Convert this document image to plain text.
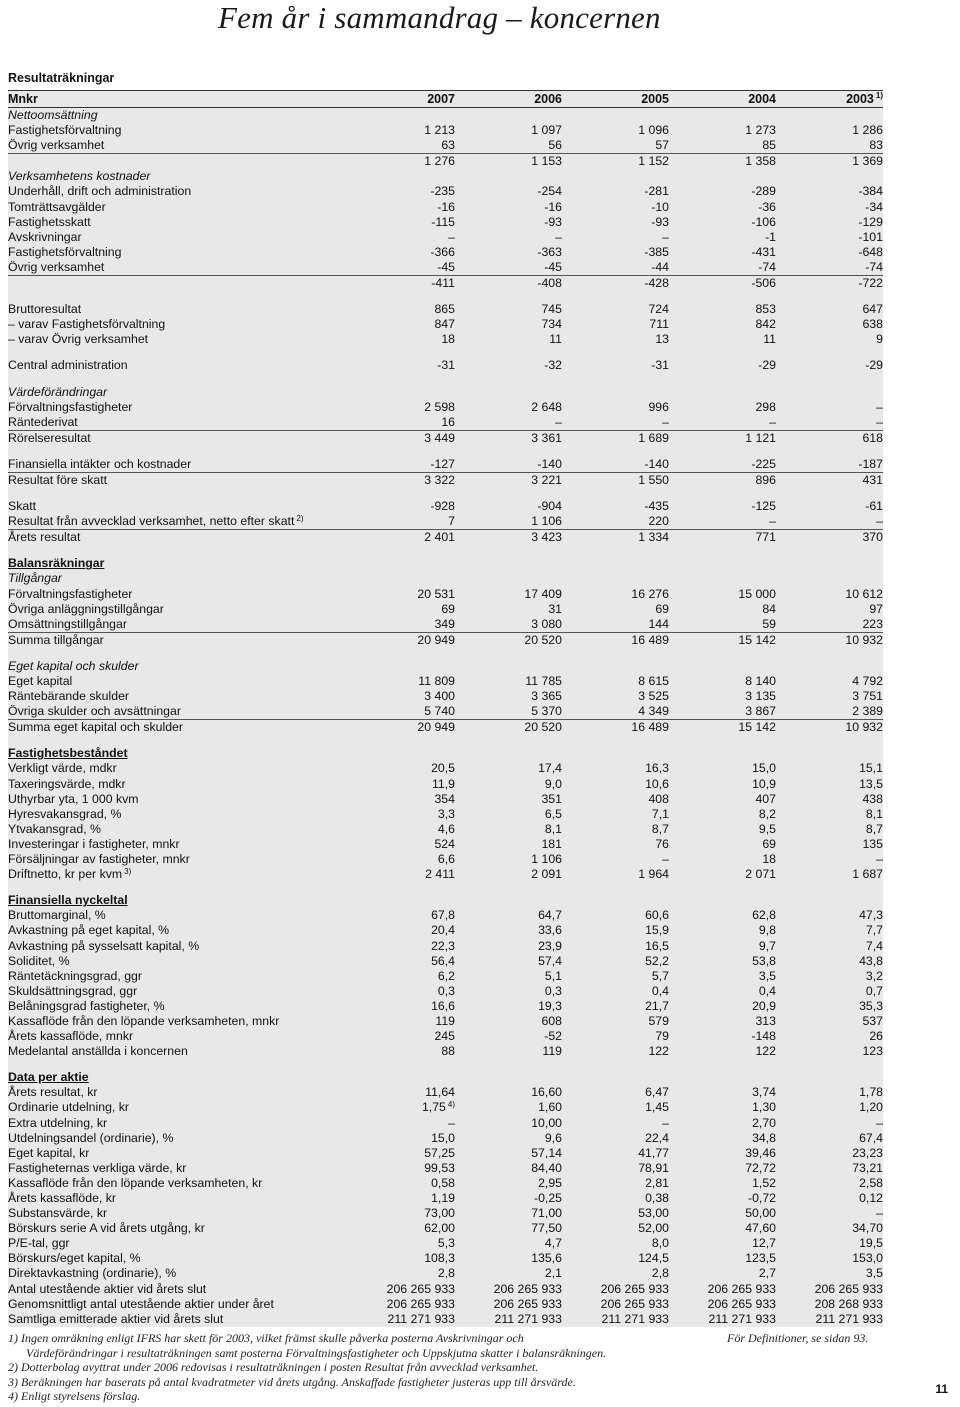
Fem år i sammandrag – koncernen
Resultaträkningar
Mnkr	2007	2006	2005	2004	2003 $^{1)}$
Nettoomsättning
Fastighetsförvaltning	1 213	1 097	1 096	1 273	1 286
Övrig verksamhet	63	56	57	85	83
1 276	1 153	1 152	1 358	1 369
Verksamhetens kostnader
Underhåll, drift och administration	-235	-254	-281	-289	-384
Tomträttsavgälder	-16	-16	-10	-36	-34
Fastighetsskatt	-115	-93	-93	-106	-129
Avskrivningar	–	–	–	-1	-101
Fastighetsförvaltning	-366	-363	-385	-431	-648
Övrig verksamhet	-45	-45	-44	-74	-74
-411	-408	-428	-506	-722
Bruttoresultat	865	745	724	853	647
– varav Fastighetsförvaltning	847	734	711	842	638
– varav Övrig verksamhet	18	11	13	11	9
Central administration	-31	-32	-31	-29	-29
Värdeförändringar
Förvaltningsfastigheter	2 598	2 648	996	298	–
Räntederivat	16	–	–	–	–
Rörelseresultat	3 449	3 361	1 689	1 121	618
Finansiella intäkter och kostnader	-127	-140	-140	-225	-187
Resultat före skatt	3 322	3 221	1 550	896	431
Skatt	-928	-904	-435	-125	-61
Resultat från avvecklad verksamhet, netto efter skatt $^{2)}$	7	1 106	220	–	–
Årets resultat	2 401	3 423	1 334	771	370
Balansräkningar
Tillgångar
Förvaltningsfastigheter	20 531	17 409	16 276	15 000	10 612
Övriga anläggningstillgångar	69	31	69	84	97
Omsättningstillgångar	349	3 080	144	59	223
Summa tillgångar	20 949	20 520	16 489	15 142	10 932
Eget kapital och skulder
Eget kapital	11 809	11 785	8 615	8 140	4 792
Räntebärande skulder	3 400	3 365	3 525	3 135	3 751
Övriga skulder och avsättningar	5 740	5 370	4 349	3 867	2 389
Summa eget kapital och skulder	20 949	20 520	16 489	15 142	10 932
Fastighetsbeståndet
Verkligt värde, mdkr	20,5	17,4	16,3	15,0	15,1
Taxeringsvärde, mdkr	11,9	9,0	10,6	10,9	13,5
Uthyrbar yta, 1 000 kvm	354	351	408	407	438
Hyresvakansgrad, %	3,3	6,5	7,1	8,2	8,1
Ytvakansgrad, %	4,6	8,1	8,7	9,5	8,7
Investeringar i fastigheter, mnkr	524	181	76	69	135
Försäljningar av fastigheter, mnkr	6,6	1 106	–	18	–
Driftnetto, kr per kvm $^{3)}$	2 411	2 091	1 964	2 071	1 687
Finansiella nyckeltal
Bruttomarginal, %	67,8	64,7	60,6	62,8	47,3
Avkastning på eget kapital, %	20,4	33,6	15,9	9,8	7,7
Avkastning på sysselsatt kapital, %	22,3	23,9	16,5	9,7	7,4
Soliditet, %	56,4	57,4	52,2	53,8	43,8
Räntetäckningsgrad, ggr	6,2	5,1	5,7	3,5	3,2
Skuldsättningsgrad, ggr	0,3	0,3	0,4	0,4	0,7
Belåningsgrad fastigheter, %	16,6	19,3	21,7	20,9	35,3
Kassaflöde från den löpande verksamheten, mnkr	119	608	579	313	537
Årets kassaflöde, mnkr	245	-52	79	-148	26
Medelantal anställda i koncernen	88	119	122	122	123
Data per aktie
Årets resultat, kr	11,64	16,60	6,47	3,74	1,78
Ordinarie utdelning, kr	1,75 $^{4)}$	1,60	1,45	1,30	1,20
Extra utdelning, kr	–	10,00	–	2,70	–
Utdelningsandel (ordinarie), %	15,0	9,6	22,4	34,8	67,4
Eget kapital, kr	57,25	57,14	41,77	39,46	23,23
Fastigheternas verkliga värde, kr	99,53	84,40	78,91	72,72	73,21
Kassaflöde från den löpande verksamheten, kr	0,58	2,95	2,81	1,52	2,58
Årets kassaflöde, kr	1,19	-0,25	0,38	-0,72	0,12
Substansvärde, kr	73,00	71,00	53,00	50,00	–
Börskurs serie A vid årets utgång, kr	62,00	77,50	52,00	47,60	34,70
P/E-tal, ggr	5,3	4,7	8,0	12,7	19,5
Börskurs/eget kapital, %	108,3	135,6	124,5	123,5	153,0
Direktavkastning (ordinarie), %	2,8	2,1	2,8	2,7	3,5
Antal utestående aktier vid årets slut	206 265 933	206 265 933	206 265 933	206 265 933	206 265 933
Genomsnittligt antal utestående aktier under året	206 265 933	206 265 933	206 265 933	206 265 933	208 268 933
Samtliga emitterade aktier vid årets slut	211 271 933	211 271 933	211 271 933	211 271 933	211 271 933
1) Ingen omräkning enligt IFRS har skett för 2003, vilket främst skulle påverka posterna Avskrivningar och
Värdeförändringar i resultaträkningen samt posterna Förvaltningsfastigheter och Uppskjutna skatter i balansräkningen.
2) Dotterbolag avyttrat under 2006 redovisas i resultaträkningen i posten Resultat från avvecklad verksamhet.
3) Beräkningen har baserats på antal kvadratmeter vid årets utgång. Anskaffade fastigheter justeras upp till årsvärde.
4) Enligt styrelsens förslag.
För Definitioner, se sidan 93.
11
